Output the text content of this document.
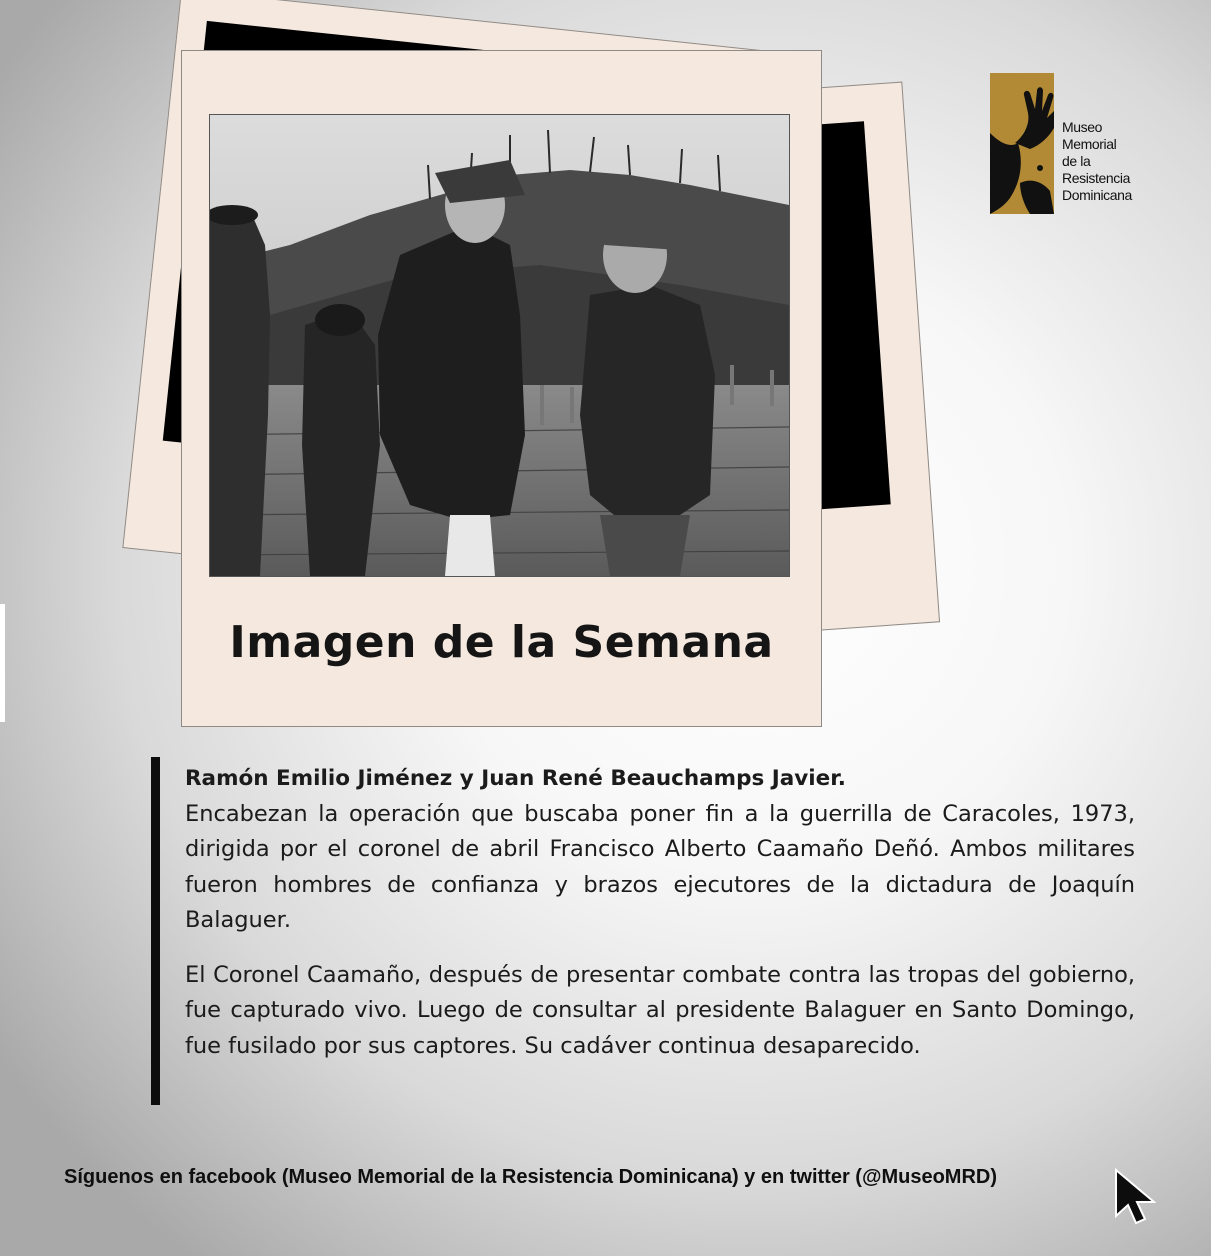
Imagen de la Semana
Museo
Memorial
de la
Resistencia
Dominicana

Ramón Emilio Jiménez y Juan René Beauchamps Javier.

Encabezan la operación que buscaba poner fin a la guerrilla de Caracoles, 1973, dirigida por el coronel de abril Francisco Alberto Caamaño Deñó. Ambos militares fueron hombres de confianza y brazos ejecutores de la dictadura de Joaquín Balaguer.

El Coronel Caamaño, después de presentar combate contra las tropas del gobierno, fue capturado vivo. Luego de consultar al presidente Balaguer en Santo Domingo, fue fusilado por sus captores. Su cadáver continua desaparecido.

Síguenos en facebook (Museo Memorial de la Resistencia Dominicana) y en twitter (@MuseoMRD)
